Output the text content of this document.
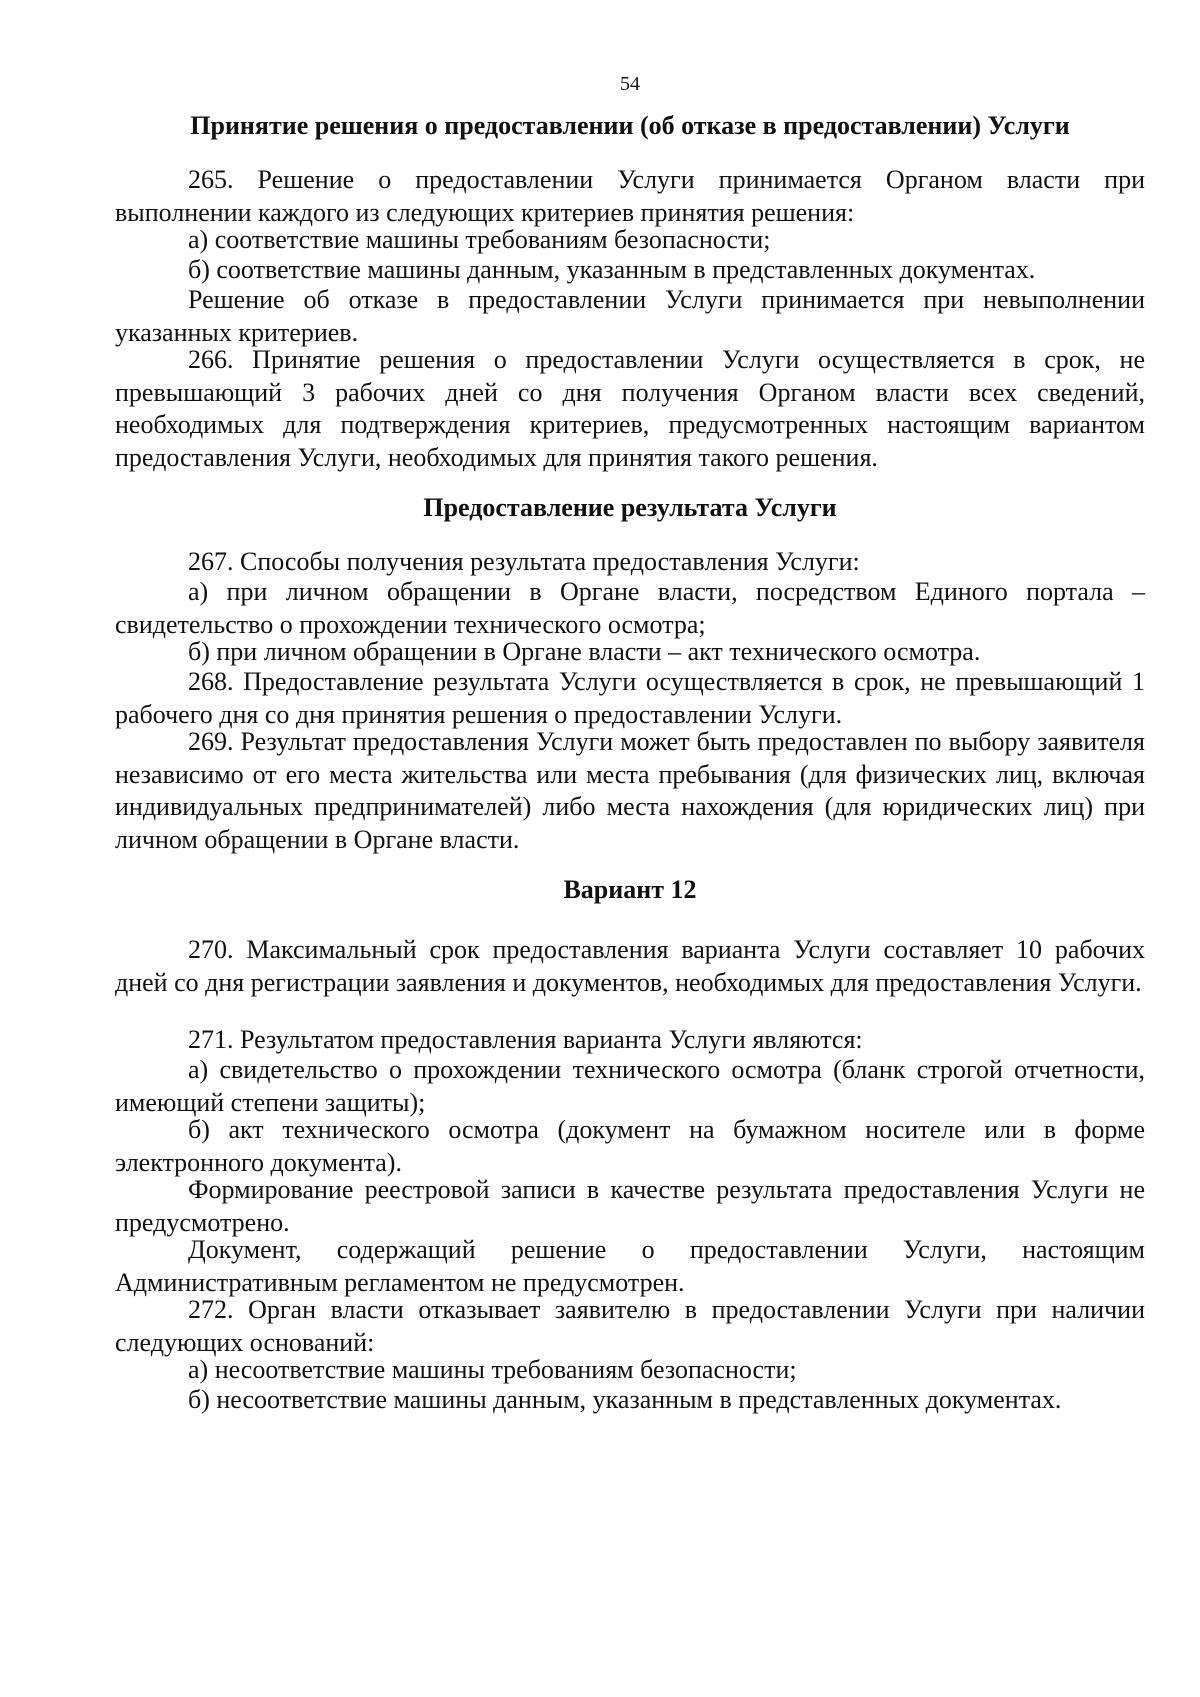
54
Принятие решения о предоставлении (об отказе в предоставлении) Услуги

265. Решение о предоставлении Услуги принимается Органом власти при выполнении каждого из следующих критериев принятия решения:

а) соответствие машины требованиям безопасности;

б) соответствие машины данным, указанным в представленных документах.

Решение об отказе в предоставлении Услуги принимается при невыполнении указанных критериев.

266. Принятие решения о предоставлении Услуги осуществляется в срок, не превышающий 3 рабочих дней со дня получения Органом власти всех сведений, необходимых для подтверждения критериев, предусмотренных настоящим вариантом предоставления Услуги, необходимых для принятия такого решения.

Предоставление результата Услуги

267. Способы получения результата предоставления Услуги:

а) при личном обращении в Органе власти, посредством Единого портала – свидетельство о прохождении технического осмотра;

б) при личном обращении в Органе власти – акт технического осмотра.

268. Предоставление результата Услуги осуществляется в срок, не превышающий 1 рабочего дня со дня принятия решения о предоставлении Услуги.

269. Результат предоставления Услуги может быть предоставлен по выбору заявителя независимо от его места жительства или места пребывания (для физических лиц, включая индивидуальных предпринимателей) либо места нахождения (для юридических лиц) при личном обращении в Органе власти.

Вариант 12

270. Максимальный срок предоставления варианта Услуги составляет 10 рабочих дней со дня регистрации заявления и документов, необходимых для предоставления Услуги.

271. Результатом предоставления варианта Услуги являются:

а) свидетельство о прохождении технического осмотра (бланк строгой отчетности, имеющий степени защиты);

б) акт технического осмотра (документ на бумажном носителе или в форме электронного документа).

Формирование реестровой записи в качестве результата предоставления Услуги не предусмотрено.

Документ, содержащий решение о предоставлении Услуги, настоящим Административным регламентом не предусмотрен.

272. Орган власти отказывает заявителю в предоставлении Услуги при наличии следующих оснований:

а) несоответствие машины требованиям безопасности;

б) несоответствие машины данным, указанным в представленных документах.
